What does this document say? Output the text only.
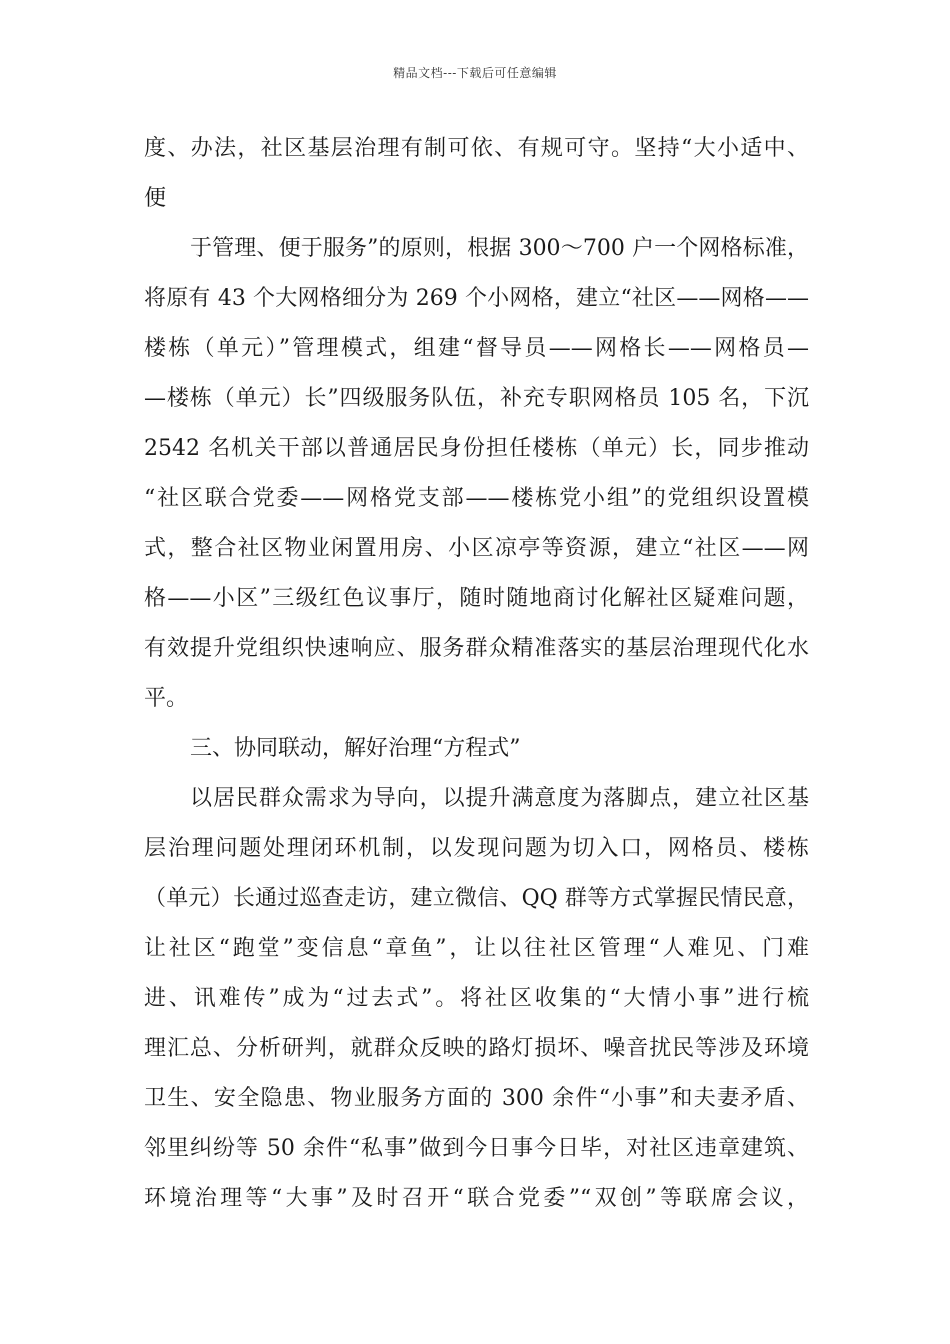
精品文档---下载后可任意编辑
度、办法，社区基层治理有制可依、有规可守。坚持“大小适中、
便
于管理、便于服务”的原则，根据 300～700 户一个网格标准，
将原有 43 个大网格细分为 269 个小网格，建立“社区——网格——
楼栋（单元）”管理模式，组建“督导员——网格长——网格员—
—楼栋（单元）长”四级服务队伍，补充专职网格员 105 名，下沉
2542 名机关干部以普通居民身份担任楼栋（单元）长，同步推动
“社区联合党委——网格党支部——楼栋党小组”的党组织设置模
式，整合社区物业闲置用房、小区凉亭等资源，建立“社区——网
格——小区”三级红色议事厅，随时随地商讨化解社区疑难问题，
有效提升党组织快速响应、服务群众精准落实的基层治理现代化水
平。
三、协同联动，解好治理“方程式”
以居民群众需求为导向，以提升满意度为落脚点，建立社区基
层治理问题处理闭环机制，以发现问题为切入口，网格员、楼栋
（单元）长通过巡查走访，建立微信、QQ 群等方式掌握民情民意，
让社区“跑堂”变信息“章鱼”，让以往社区管理“人难见、门难
进、讯难传”成为“过去式”。将社区收集的“大情小事”进行梳
理汇总、分析研判，就群众反映的路灯损坏、噪音扰民等涉及环境
卫生、安全隐患、物业服务方面的 300 余件“小事”和夫妻矛盾、
邻里纠纷等 50 余件“私事”做到今日事今日毕，对社区违章建筑、
环境治理等“大事”及时召开“联合党委”“双创”等联席会议，
